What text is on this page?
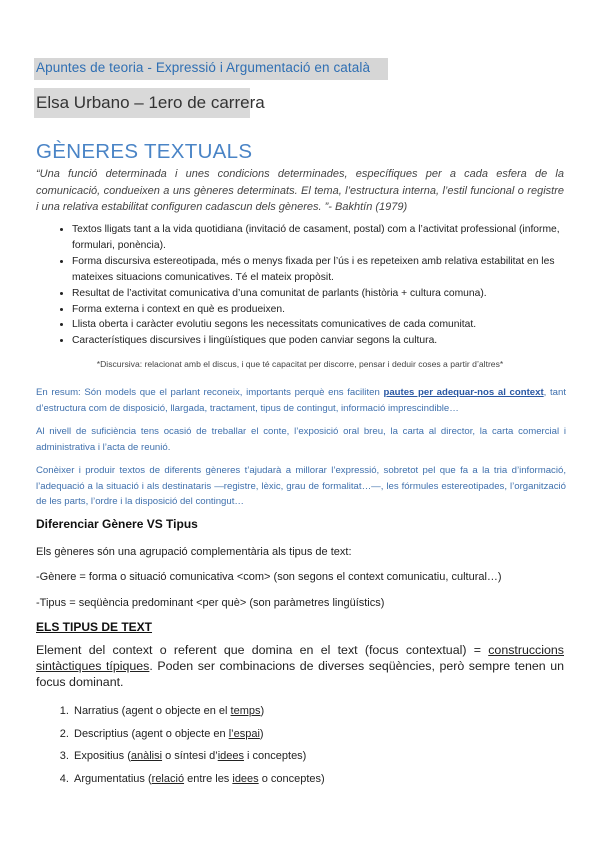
Apuntes de teoria - Expressió i Argumentació en català
Elsa Urbano – 1ero de carrera
GÈNERES TEXTUALS
“Una funció determinada i unes condicions determinades, específiques per a cada esfera de la comunicació, condueixen a uns gèneres determinats. El tema, l’estructura interna, l’estil funcional o registre i una relativa estabilitat configuren cadascun dels gèneres. ”- Bakhtín (1979)
• Textos lligats tant a la vida quotidiana (invitació de casament, postal) com a l’activitat professional (informe, formulari, ponència).
• Forma discursiva estereotipada, més o menys fixada per l’ús i es repeteixen amb relativa estabilitat en les mateixes situacions comunicatives. Té el mateix propòsit.
• Resultat de l’activitat comunicativa d’una comunitat de parlants (història + cultura comuna).
• Forma externa i context en què es produeixen.
• Llista oberta i caràcter evolutiu segons les necessitats comunicatives de cada comunitat.
• Característiques discursives i lingüístiques que poden canviar segons la cultura.
*Discursiva: relacionat amb el discus, i que té capacitat per discorre, pensar i deduir coses a partir d’altres*
En resum: Són models que el parlant reconeix, importants perquè ens faciliten pautes per adequar-nos al context, tant d’estructura com de disposició, llargada, tractament, tipus de contingut, informació imprescindible…
Al nivell de suficiència tens ocasió de treballar el conte, l’exposició oral breu, la carta al director, la carta comercial i administrativa i l’acta de reunió.
Conèixer i produir textos de diferents gèneres t’ajudarà a millorar l’expressió, sobretot pel que fa a la tria d’informació, l’adequació a la situació i als destinataris —registre, lèxic, grau de formalitat…—, les fórmules estereotipades, l’organització de les parts, l’ordre i la disposició del contingut…
Diferenciar Gènere VS Tipus
Els gèneres són una agrupació complementària als tipus de text:
-Gènere = forma o situació comunicativa <com> (son segons el context comunicatiu, cultural…)
-Tipus = seqüència predominant <per què> (son paràmetres lingüístics)
ELS TIPUS DE TEXT
Element del context o referent que domina en el text (focus contextual) = construccions sintàctiques típiques. Poden ser combinacions de diverses seqüències, però sempre tenen un focus dominant.
1. Narratius (agent o objecte en el temps)
2. Descriptius (agent o objecte en l’espai)
3. Expositius (anàlisi o síntesi d’idees i conceptes)
4. Argumentatius (relació entre les idees o conceptes)
